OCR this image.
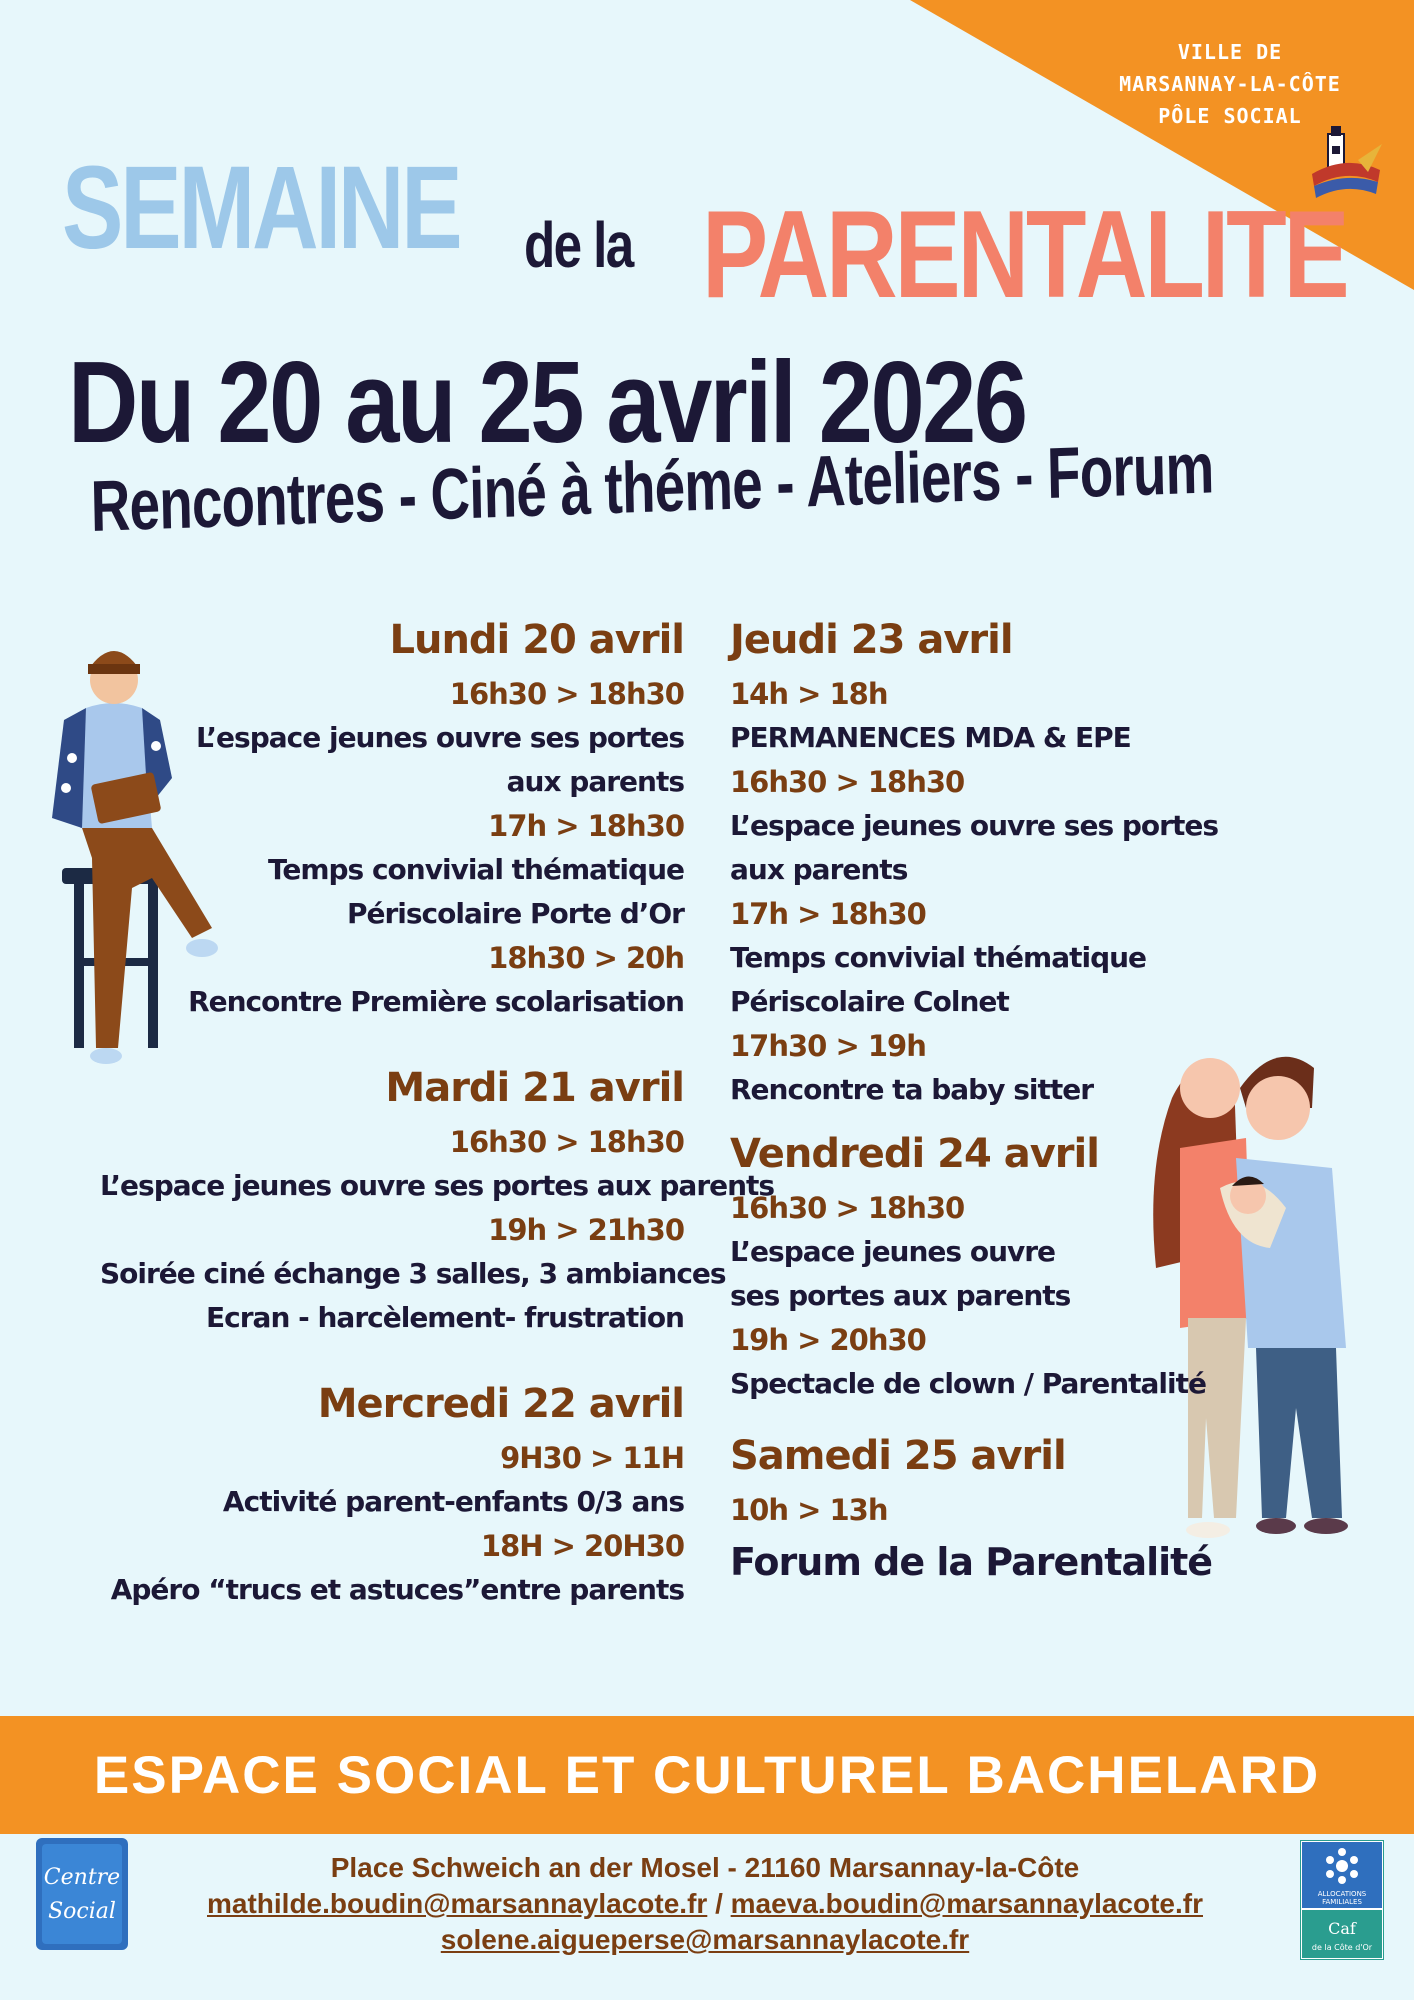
VILLE DE
MARSANNAY-LA-CÔTE
PÔLE SOCIAL
SEMAINE de la PARENTALITE
Du 20 au 25 avril 2026
Rencontres - Ciné à théme - Ateliers - Forum
Lundi 20 avril
16h30 > 18h30
L’espace jeunes ouvre ses portes
aux parents
17h > 18h30
Temps convivial thématique
Périscolaire Porte d’Or
18h30 > 20h
Rencontre Première scolarisation
Mardi 21 avril
16h30 > 18h30
L’espace jeunes ouvre ses portes aux parents
19h > 21h30
Soirée ciné échange 3 salles, 3 ambiances
Ecran - harcèlement- frustration
Mercredi 22 avril
9H30 > 11H
Activité parent-enfants 0/3 ans
18H > 20H30
Apéro “trucs et astuces”entre parents
Jeudi 23 avril
14h > 18h
PERMANENCES MDA & EPE
16h30 > 18h30
L’espace jeunes ouvre ses portes
aux parents
17h > 18h30
Temps convivial thématique
Périscolaire Colnet
17h30 > 19h
Rencontre ta baby sitter
Vendredi 24 avril
16h30 > 18h30
L’espace jeunes ouvre
ses portes aux parents
19h > 20h30
Spectacle de clown / Parentalité
Samedi 25 avril
10h > 13h
Forum de la Parentalité
ESPACE SOCIAL ET CULTUREL BACHELARD
Place Schweich an der Mosel - 21160 Marsannay-la-Côte
mathilde.boudin@marsannaylacote.fr / maeva.boudin@marsannaylacote.fr
solene.aigueperse@marsannaylacote.fr
Centre
Social
ALLOCATIONS
FAMILIALES
Caf
de la Côte d'Or
